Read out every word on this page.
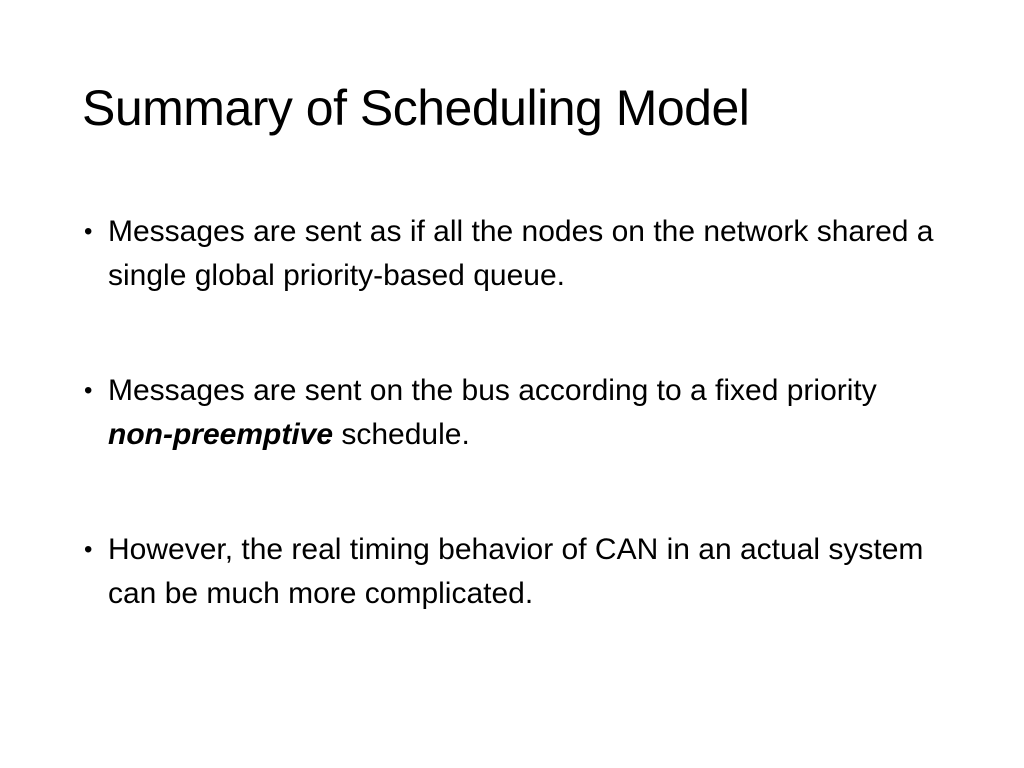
Summary of Scheduling Model
• Messages are sent as if all the nodes on the network shared a single global priority-based queue.
• Messages are sent on the bus according to a fixed priority non-preemptive schedule.
• However, the real timing behavior of CAN in an actual system can be much more complicated.
